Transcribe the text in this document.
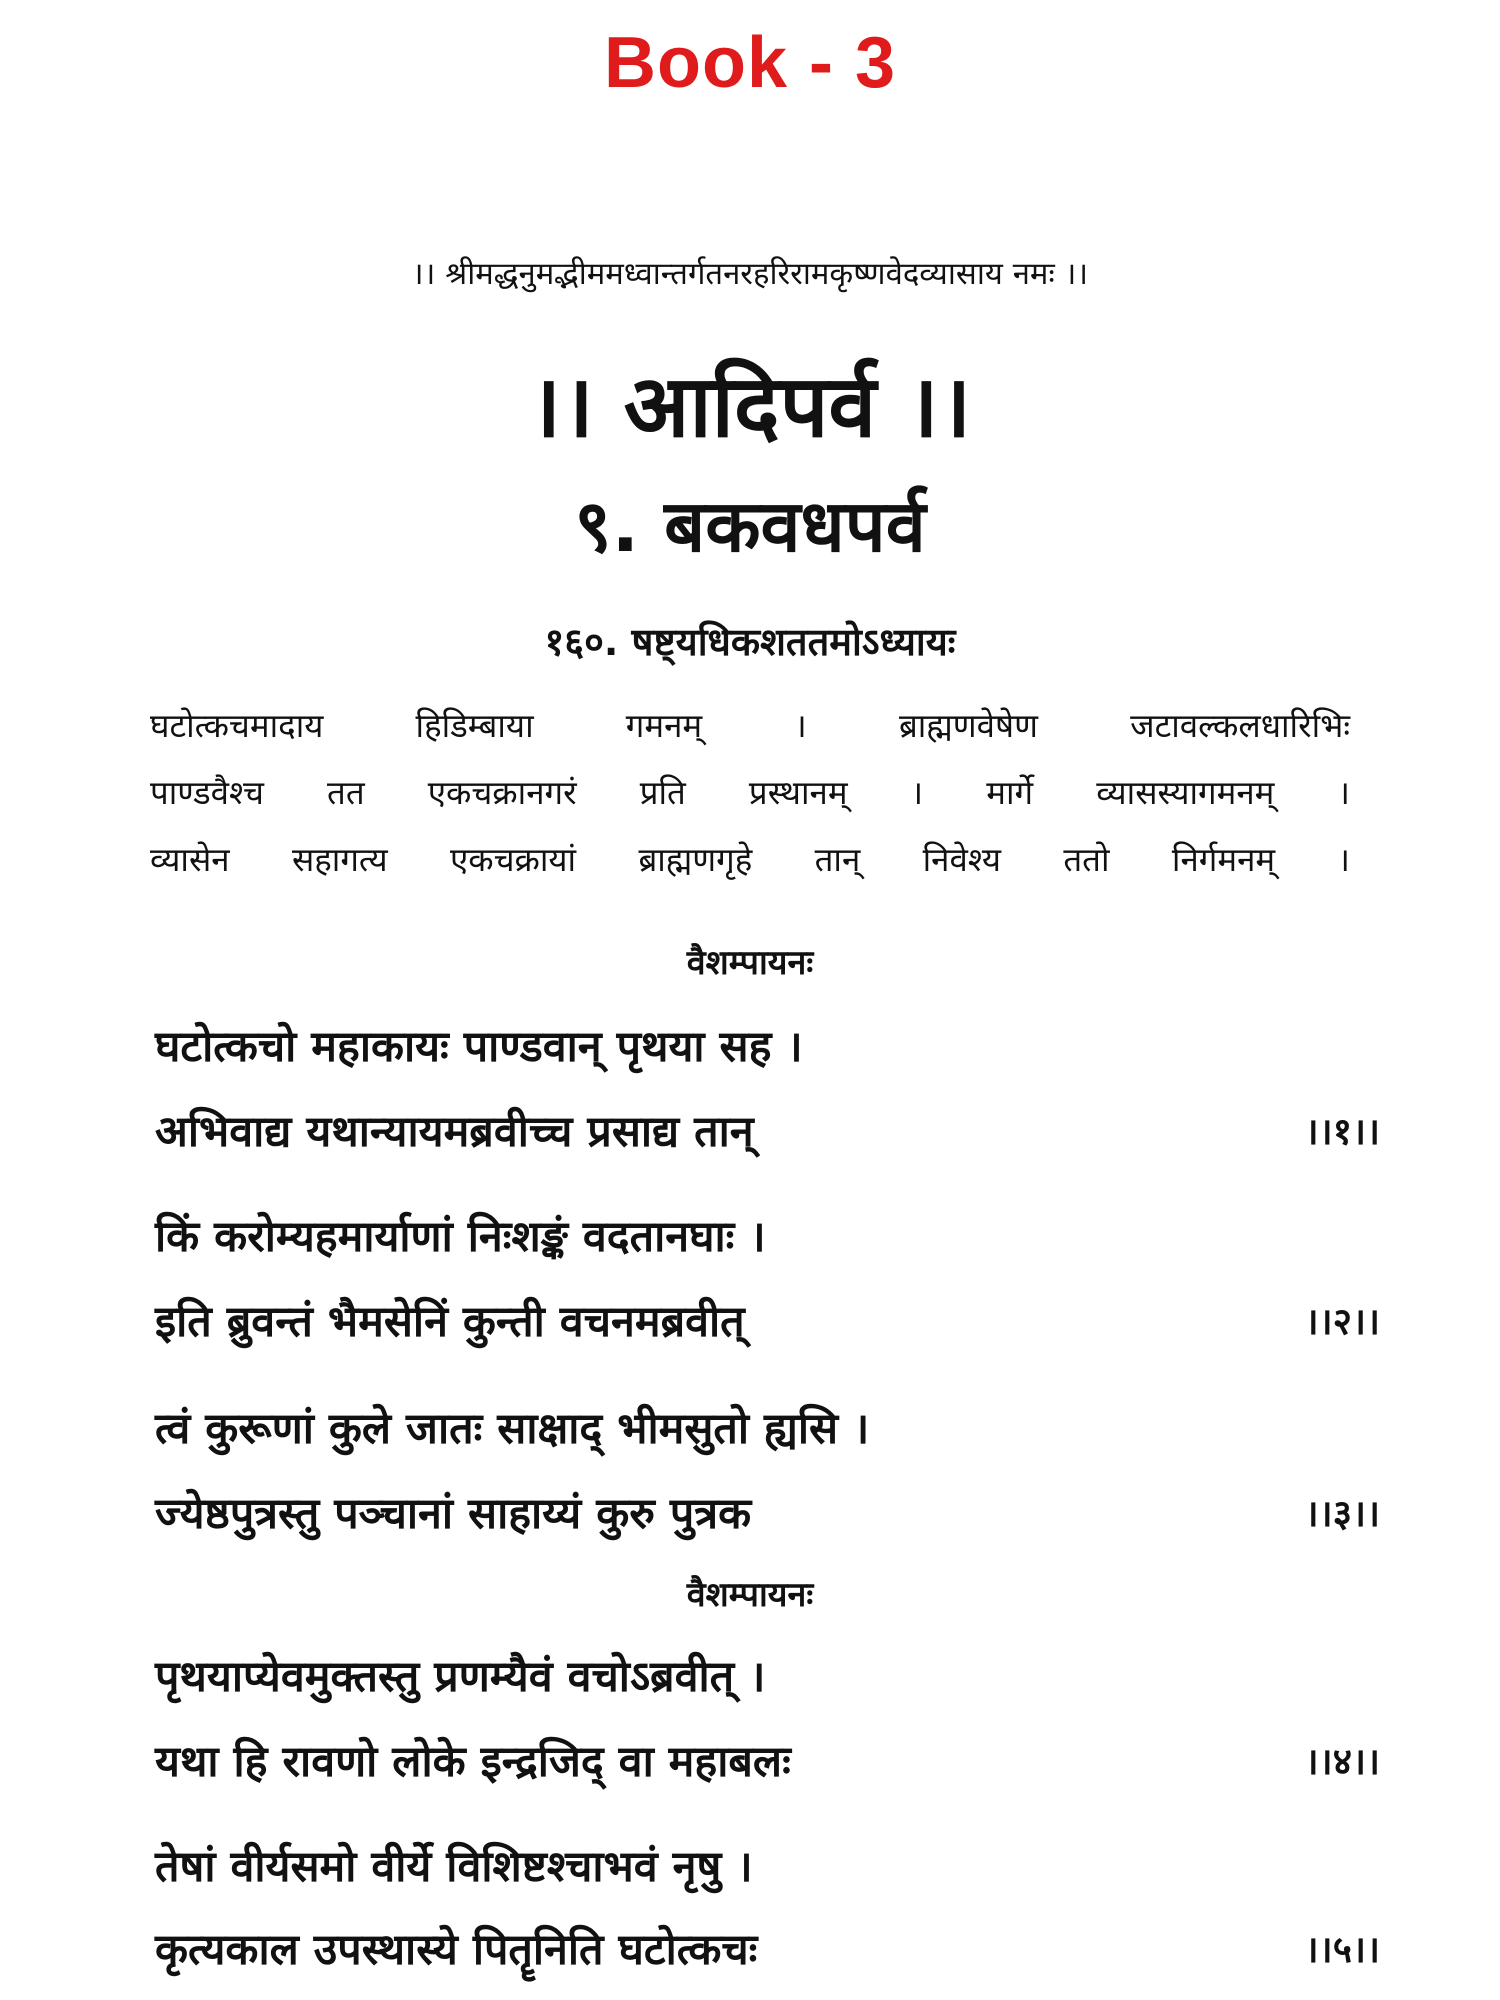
Book - 3
।। श्रीमद्धनुमद्भीममध्वान्तर्गतनरहरिरामकृष्णवेदव्यासाय नमः ।।
।। आदिपर्व ।।
९. बकवधपर्व
१६०. षष्ट्यधिकशततमोऽध्यायः
घटोत्कचमादाय हिडिम्बाया गमनम् । ब्राह्मणवेषेण जटावल्कलधारिभिः
पाण्डवैश्च तत एकचक्रानगरं प्रति प्रस्थानम् । मार्गे व्यासस्यागमनम् ।
व्यासेन सहागत्य एकचक्रायां ब्राह्मणगृहे तान् निवेश्य ततो निर्गमनम् ।
वैशम्पायनः
घटोत्कचो महाकायः पाण्डवान् पृथया सह ।
अभिवाद्य यथान्यायमब्रवीच्च प्रसाद्य तान्	।।१।।
किं करोम्यहमार्याणां निःशङ्कं वदतानघाः ।
इति ब्रुवन्तं भैमसेनिं कुन्ती वचनमब्रवीत्	।।२।।
त्वं कुरूणां कुले जातः साक्षाद् भीमसुतो ह्यसि ।
ज्येष्ठपुत्रस्तु पञ्चानां साहाय्यं कुरु पुत्रक	।।३।।
वैशम्पायनः
पृथयाप्येवमुक्तस्तु प्रणम्यैवं वचोऽब्रवीत् ।
यथा हि रावणो लोके इन्द्रजिद् वा महाबलः	।।४।।
तेषां वीर्यसमो वीर्ये विशिष्टश्चाभवं नृषु ।
कृत्यकाल उपस्थास्ये पितॄनिति घटोत्कचः	।।५।।
